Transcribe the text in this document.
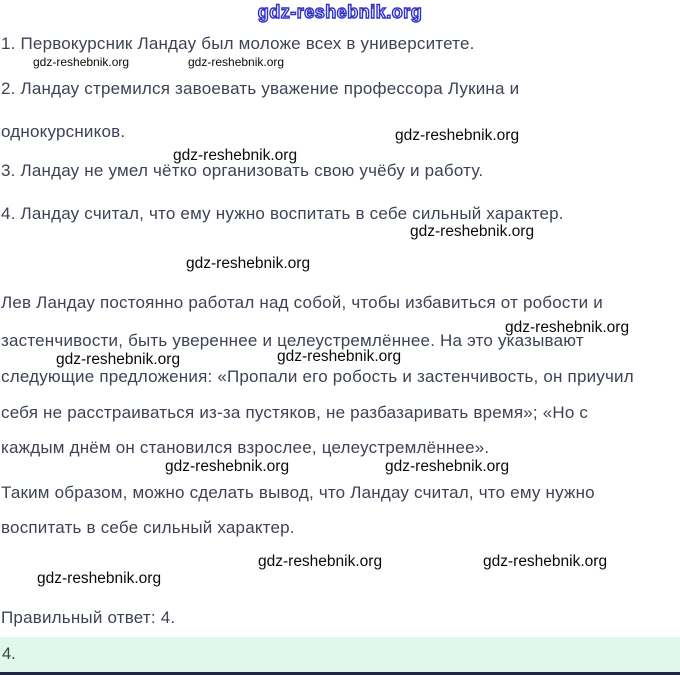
gdz-reshebnik.org
1. Первокурсник Ландау был моложе всех в университете.
2. Ландау стремился завоевать уважение профессора Лукина и
однокурсников.
3. Ландау не умел чётко организовать свою учёбу и работу.
4. Ландау считал, что ему нужно воспитать в себе сильный характер.
Лев Ландау постоянно работал над собой, чтобы избавиться от робости и
застенчивости, быть увереннее и целеустремлённее. На это указывают
следующие предложения: «Пропали его робость и застенчивость, он приучил
себя не расстраиваться из-за пустяков, не разбазаривать время»; «Но с
каждым днём он становился взрослее, целеустремлённее».
Таким образом, можно сделать вывод, что Ландау считал, что ему нужно
воспитать в себе сильный характер.
Правильный ответ: 4.
gdz-reshebnik.org	gdz-reshebnik.org
gdz-reshebnik.org
gdz-reshebnik.org
gdz-reshebnik.org
gdz-reshebnik.org
gdz-reshebnik.org
gdz-reshebnik.org
gdz-reshebnik.org
gdz-reshebnik.org	gdz-reshebnik.org
gdz-reshebnik.org	gdz-reshebnik.org
gdz-reshebnik.org
4.
